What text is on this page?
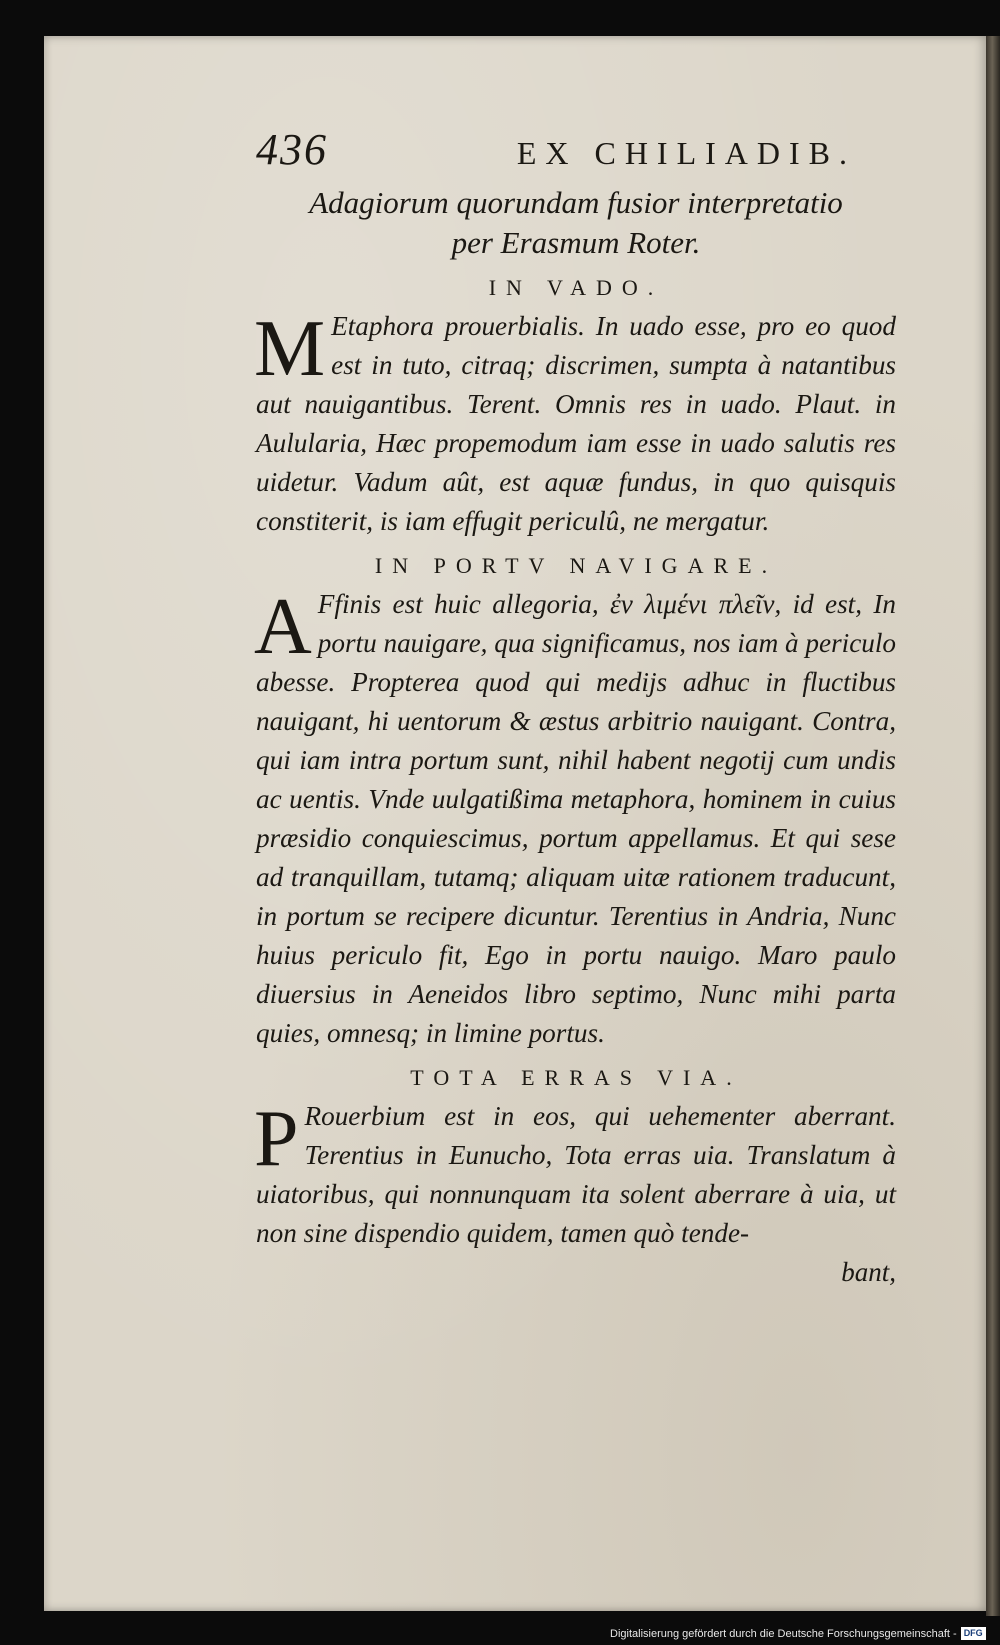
436	EX CHILIADIB.
Adagiorum quorundam fusior interpretatio
per Erasmum Roter.
IN VADO.

M Etaphora prouerbialis. In uado esse, pro eo quod est in tuto, citraq; discrimen, sumpta à natantibus aut nauigantibus. Terent. Omnis res in uado. Plaut. in Aulularia, Hæc propemodum iam esse in uado salutis res uidetur. Vadum aût, est aquæ fundus, in quo quisquis constiterit, is iam effugit periculû, ne mergatur.

IN PORTV NAVIGARE.

A Ffinis est huic allegoria, ἐν λιμένι πλεῖν, id est, In portu nauigare, qua significamus, nos iam à periculo abesse. Propterea quod qui medijs adhuc in fluctibus nauigant, hi uentorum & æstus arbitrio nauigant. Contra, qui iam intra portum sunt, nihil habent negotij cum undis ac uentis. Vnde uulgatißima metaphora, hominem in cuius præsidio conquiescimus, portum appellamus. Et qui sese ad tranquillam, tutamq; aliquam uitæ rationem traducunt, in portum se recipere dicuntur. Terentius in Andria, Nunc huius periculo fit, Ego in portu nauigo. Maro paulo diuersius in Aeneidos libro septimo, Nunc mihi parta quies, omnesq; in limine portus.

TOTA ERRAS VIA.

P Rouerbium est in eos, qui uehementer aberrant. Terentius in Eunucho, Tota erras uia. Translatum à uiatoribus, qui nonnunquam ita solent aberrare à uia, ut non sine dispendio quidem, tamen quò tende-

bant,
Digitalisierung gefördert durch die Deutsche Forschungsgemeinschaft - DFG
